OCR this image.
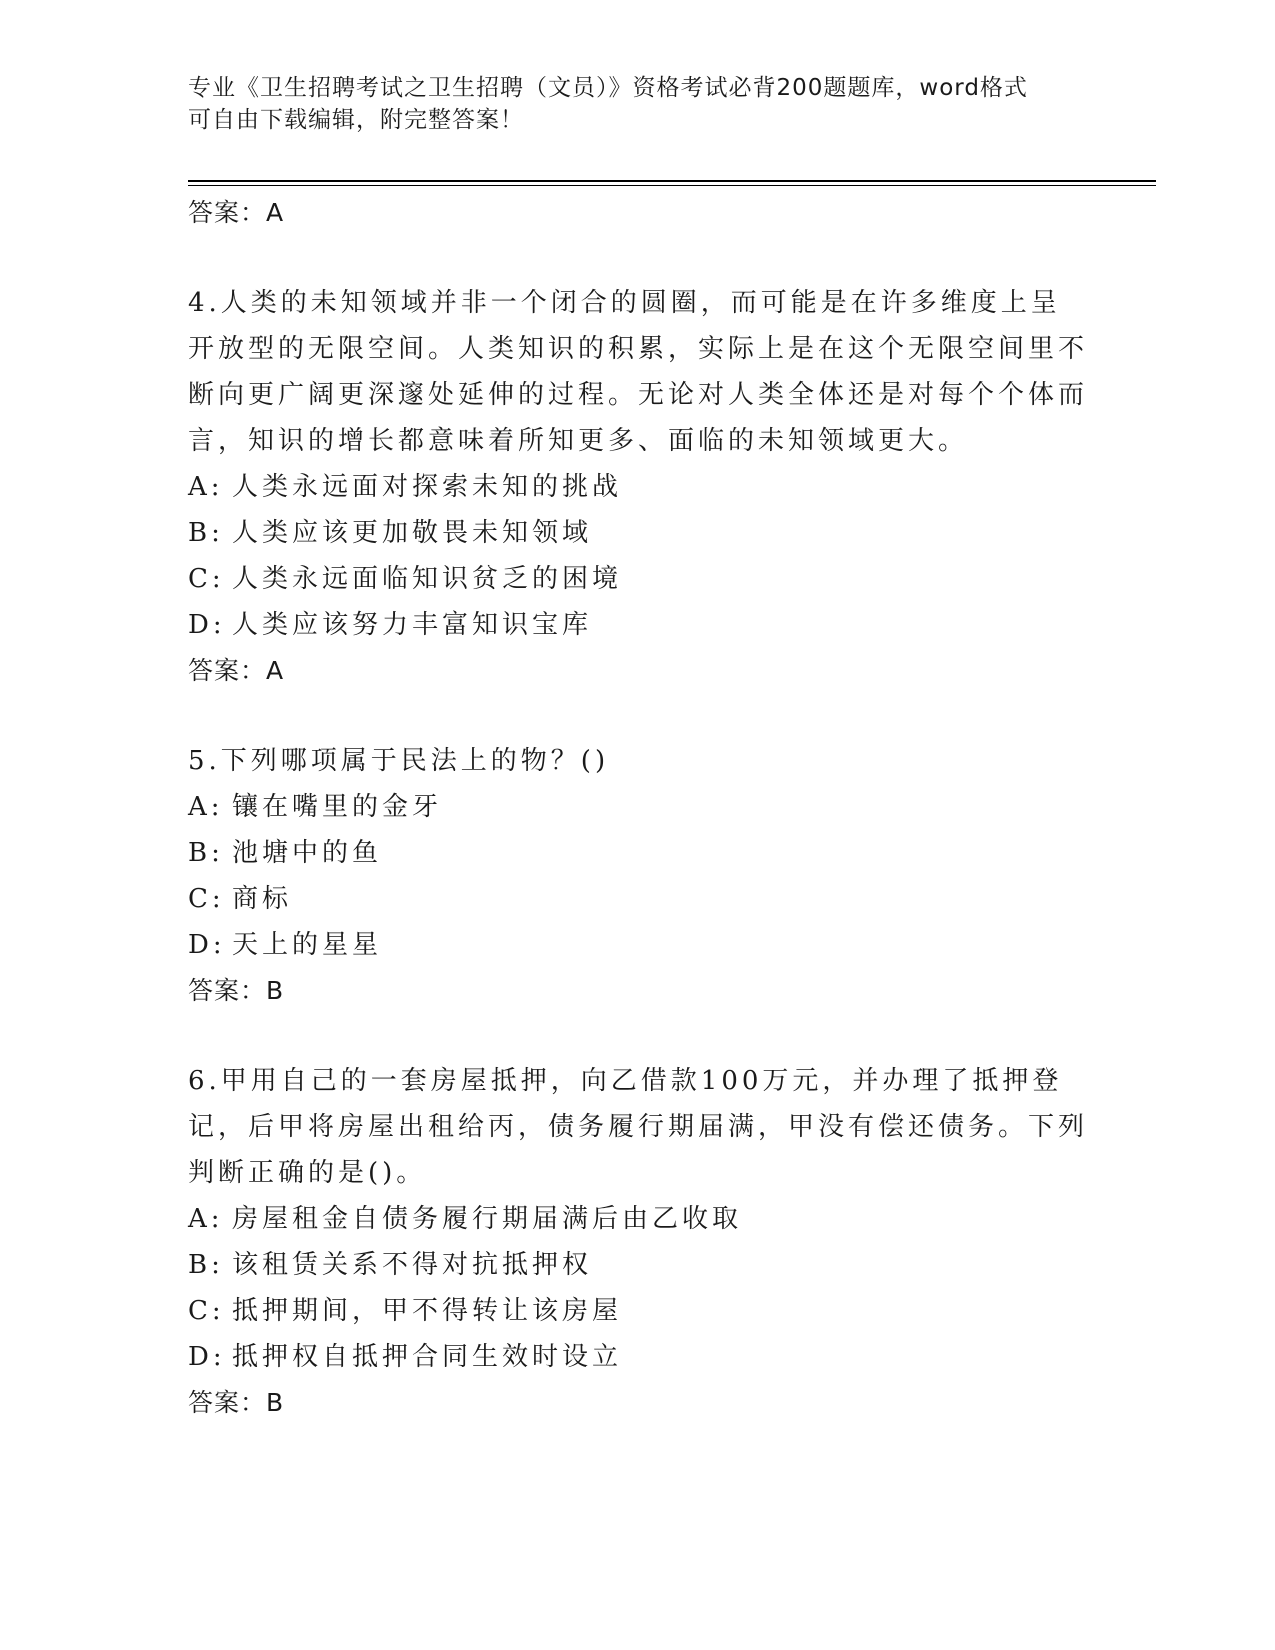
专业《卫生招聘考试之卫生招聘（文员）》资格考试必背200题题库，word格式
可自由下载编辑，附完整答案！
答案：A
4.人类的未知领域并非一个闭合的圆圈，而可能是在许多维度上呈开放型的无限空间。人类知识的积累，实际上是在这个无限空间里不断向更广阔更深邃处延伸的过程。无论对人类全体还是对每个个体而言，知识的增长都意味着所知更多、面临的未知领域更大。
A: 人类永远面对探索未知的挑战
B: 人类应该更加敬畏未知领域
C: 人类永远面临知识贫乏的困境
D: 人类应该努力丰富知识宝库
答案：A
5.下列哪项属于民法上的物？()
A: 镶在嘴里的金牙
B: 池塘中的鱼
C: 商标
D: 天上的星星
答案：B
6.甲用自己的一套房屋抵押，向乙借款100万元，并办理了抵押登记，后甲将房屋出租给丙，债务履行期届满，甲没有偿还债务。下列判断正确的是()。
A: 房屋租金自债务履行期届满后由乙收取
B: 该租赁关系不得对抗抵押权
C: 抵押期间，甲不得转让该房屋
D: 抵押权自抵押合同生效时设立
答案：B
